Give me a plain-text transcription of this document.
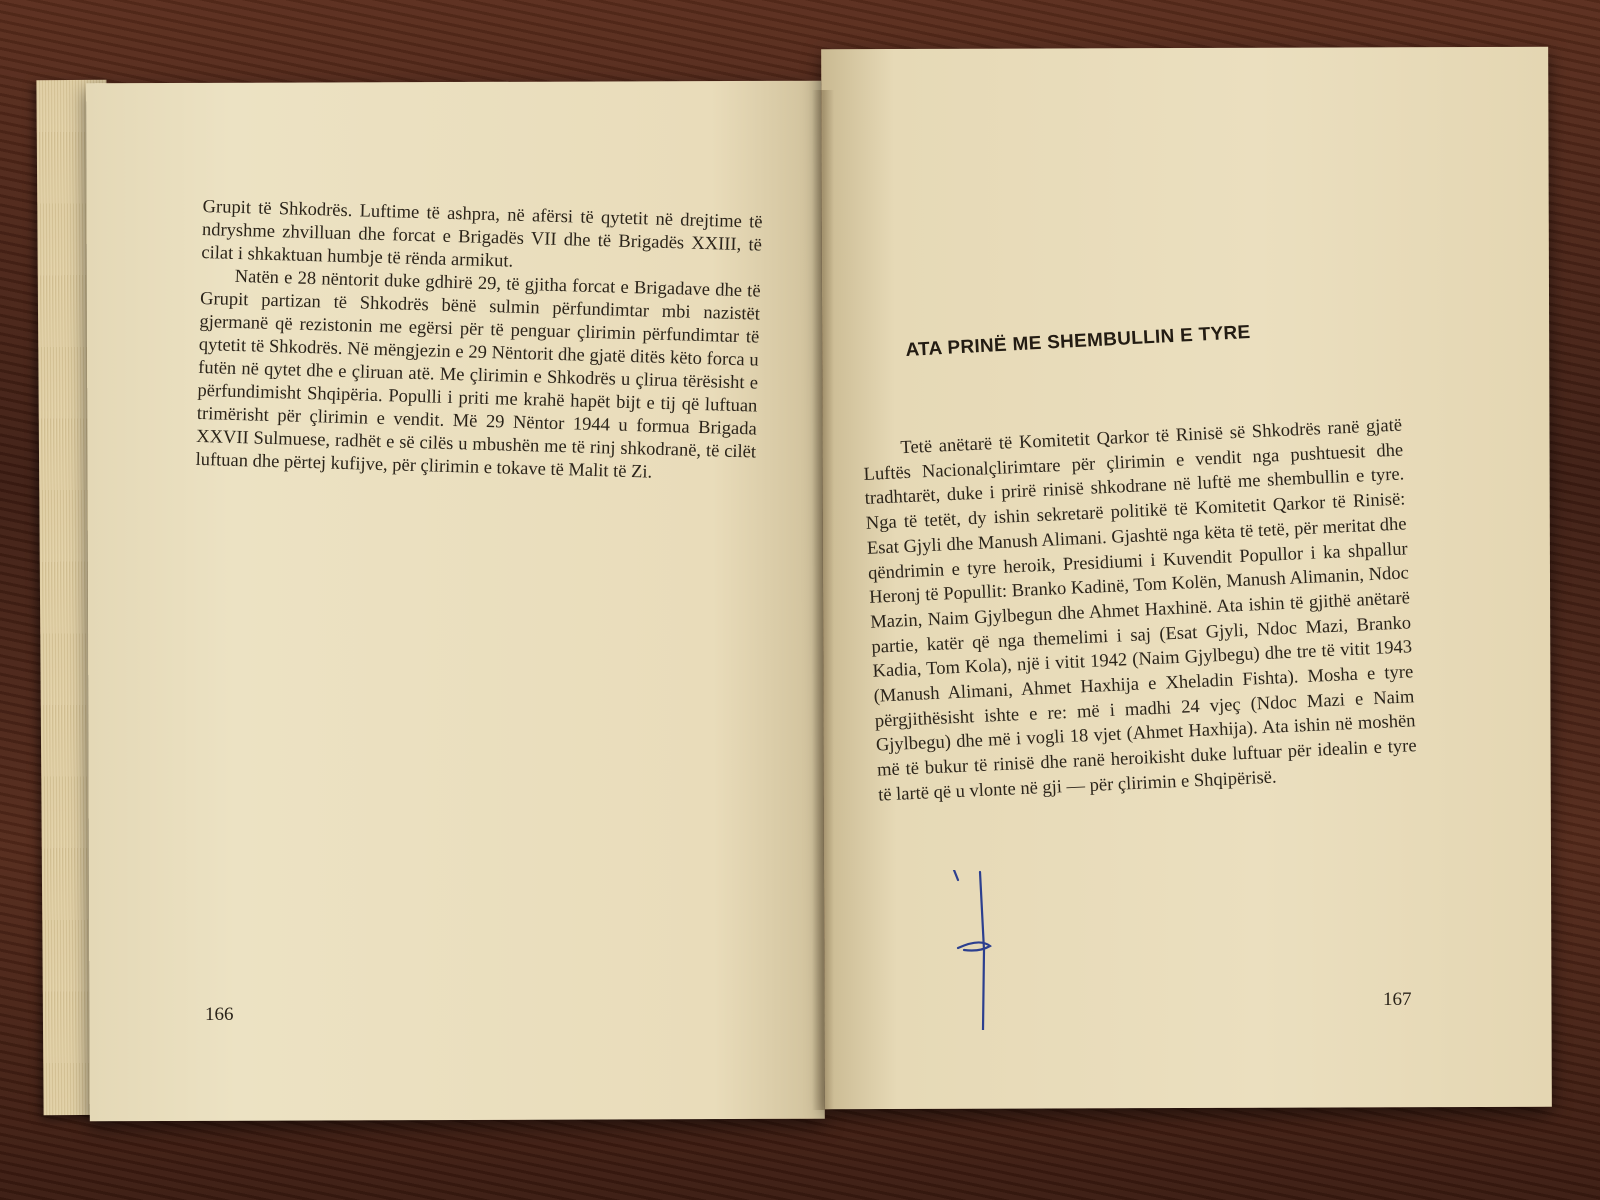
Grupit të Shkodrës. Luftime të ashpra, në afërsi të qytetit në drejtime të ndryshme zhvilluan dhe forcat e Brigadës VII dhe të Brigadës XXIII, të cilat i shkaktuan humbje të rënda armikut.

Natën e 28 nëntorit duke gdhirë 29, të gjitha forcat e Brigadave dhe të Grupit partizan të Shkodrës bënë sulmin përfundimtar mbi nazistët gjermanë që rezistonin me egërsi për të penguar çlirimin përfundimtar të qytetit të Shkodrës. Në mëngjezin e 29 Nëntorit dhe gjatë ditës këto forca u futën në qytet dhe e çliruan atë. Me çlirimin e Shkodrës u çlirua tërësisht e përfundimisht Shqipëria. Populli i priti me krahë hapët bijt e tij që luftuan trimërisht për çlirimin e vendit. Më 29 Nëntor 1944 u formua Brigada XXVII Sulmuese, radhët e së cilës u mbushën me të rinj shkodranë, të cilët luftuan dhe përtej kufijve, për çlirimin e tokave të Malit të Zi.

166
ATA PRINË ME SHEMBULLIN E TYRE

Tetë anëtarë të Komitetit Qarkor të Rinisë së Shkodrës ranë gjatë Luftës Nacionalçlirimtare për çlirimin e vendit nga pushtuesit dhe tradhtarët, duke i prirë rinisë shkodrane në luftë me shembullin e tyre. Nga të tetët, dy ishin sekretarë politikë të Komitetit Qarkor të Rinisë: Esat Gjyli dhe Manush Alimani. Gjashtë nga këta të tetë, për meritat dhe qëndrimin e tyre heroik, Presidiumi i Kuvendit Popullor i ka shpallur Heronj të Popullit: Branko Kadinë, Tom Kolën, Manush Alimanin, Ndoc Mazin, Naim Gjylbegun dhe Ahmet Haxhinë. Ata ishin të gjithë anëtarë partie, katër që nga themelimi i saj (Esat Gjyli, Ndoc Mazi, Branko Kadia, Tom Kola), një i vitit 1942 (Naim Gjylbegu) dhe tre të vitit 1943 (Manush Alimani, Ahmet Haxhija e Xheladin Fishta). Mosha e tyre përgjithësisht ishte e re: më i madhi 24 vjeç (Ndoc Mazi e Naim Gjylbegu) dhe më i vogli 18 vjet (Ahmet Haxhija). Ata ishin në moshën më të bukur të rinisë dhe ranë heroikisht duke luftuar për idealin e tyre të lartë që u vlonte në gji — për çlirimin e Shqipërisë.

167
